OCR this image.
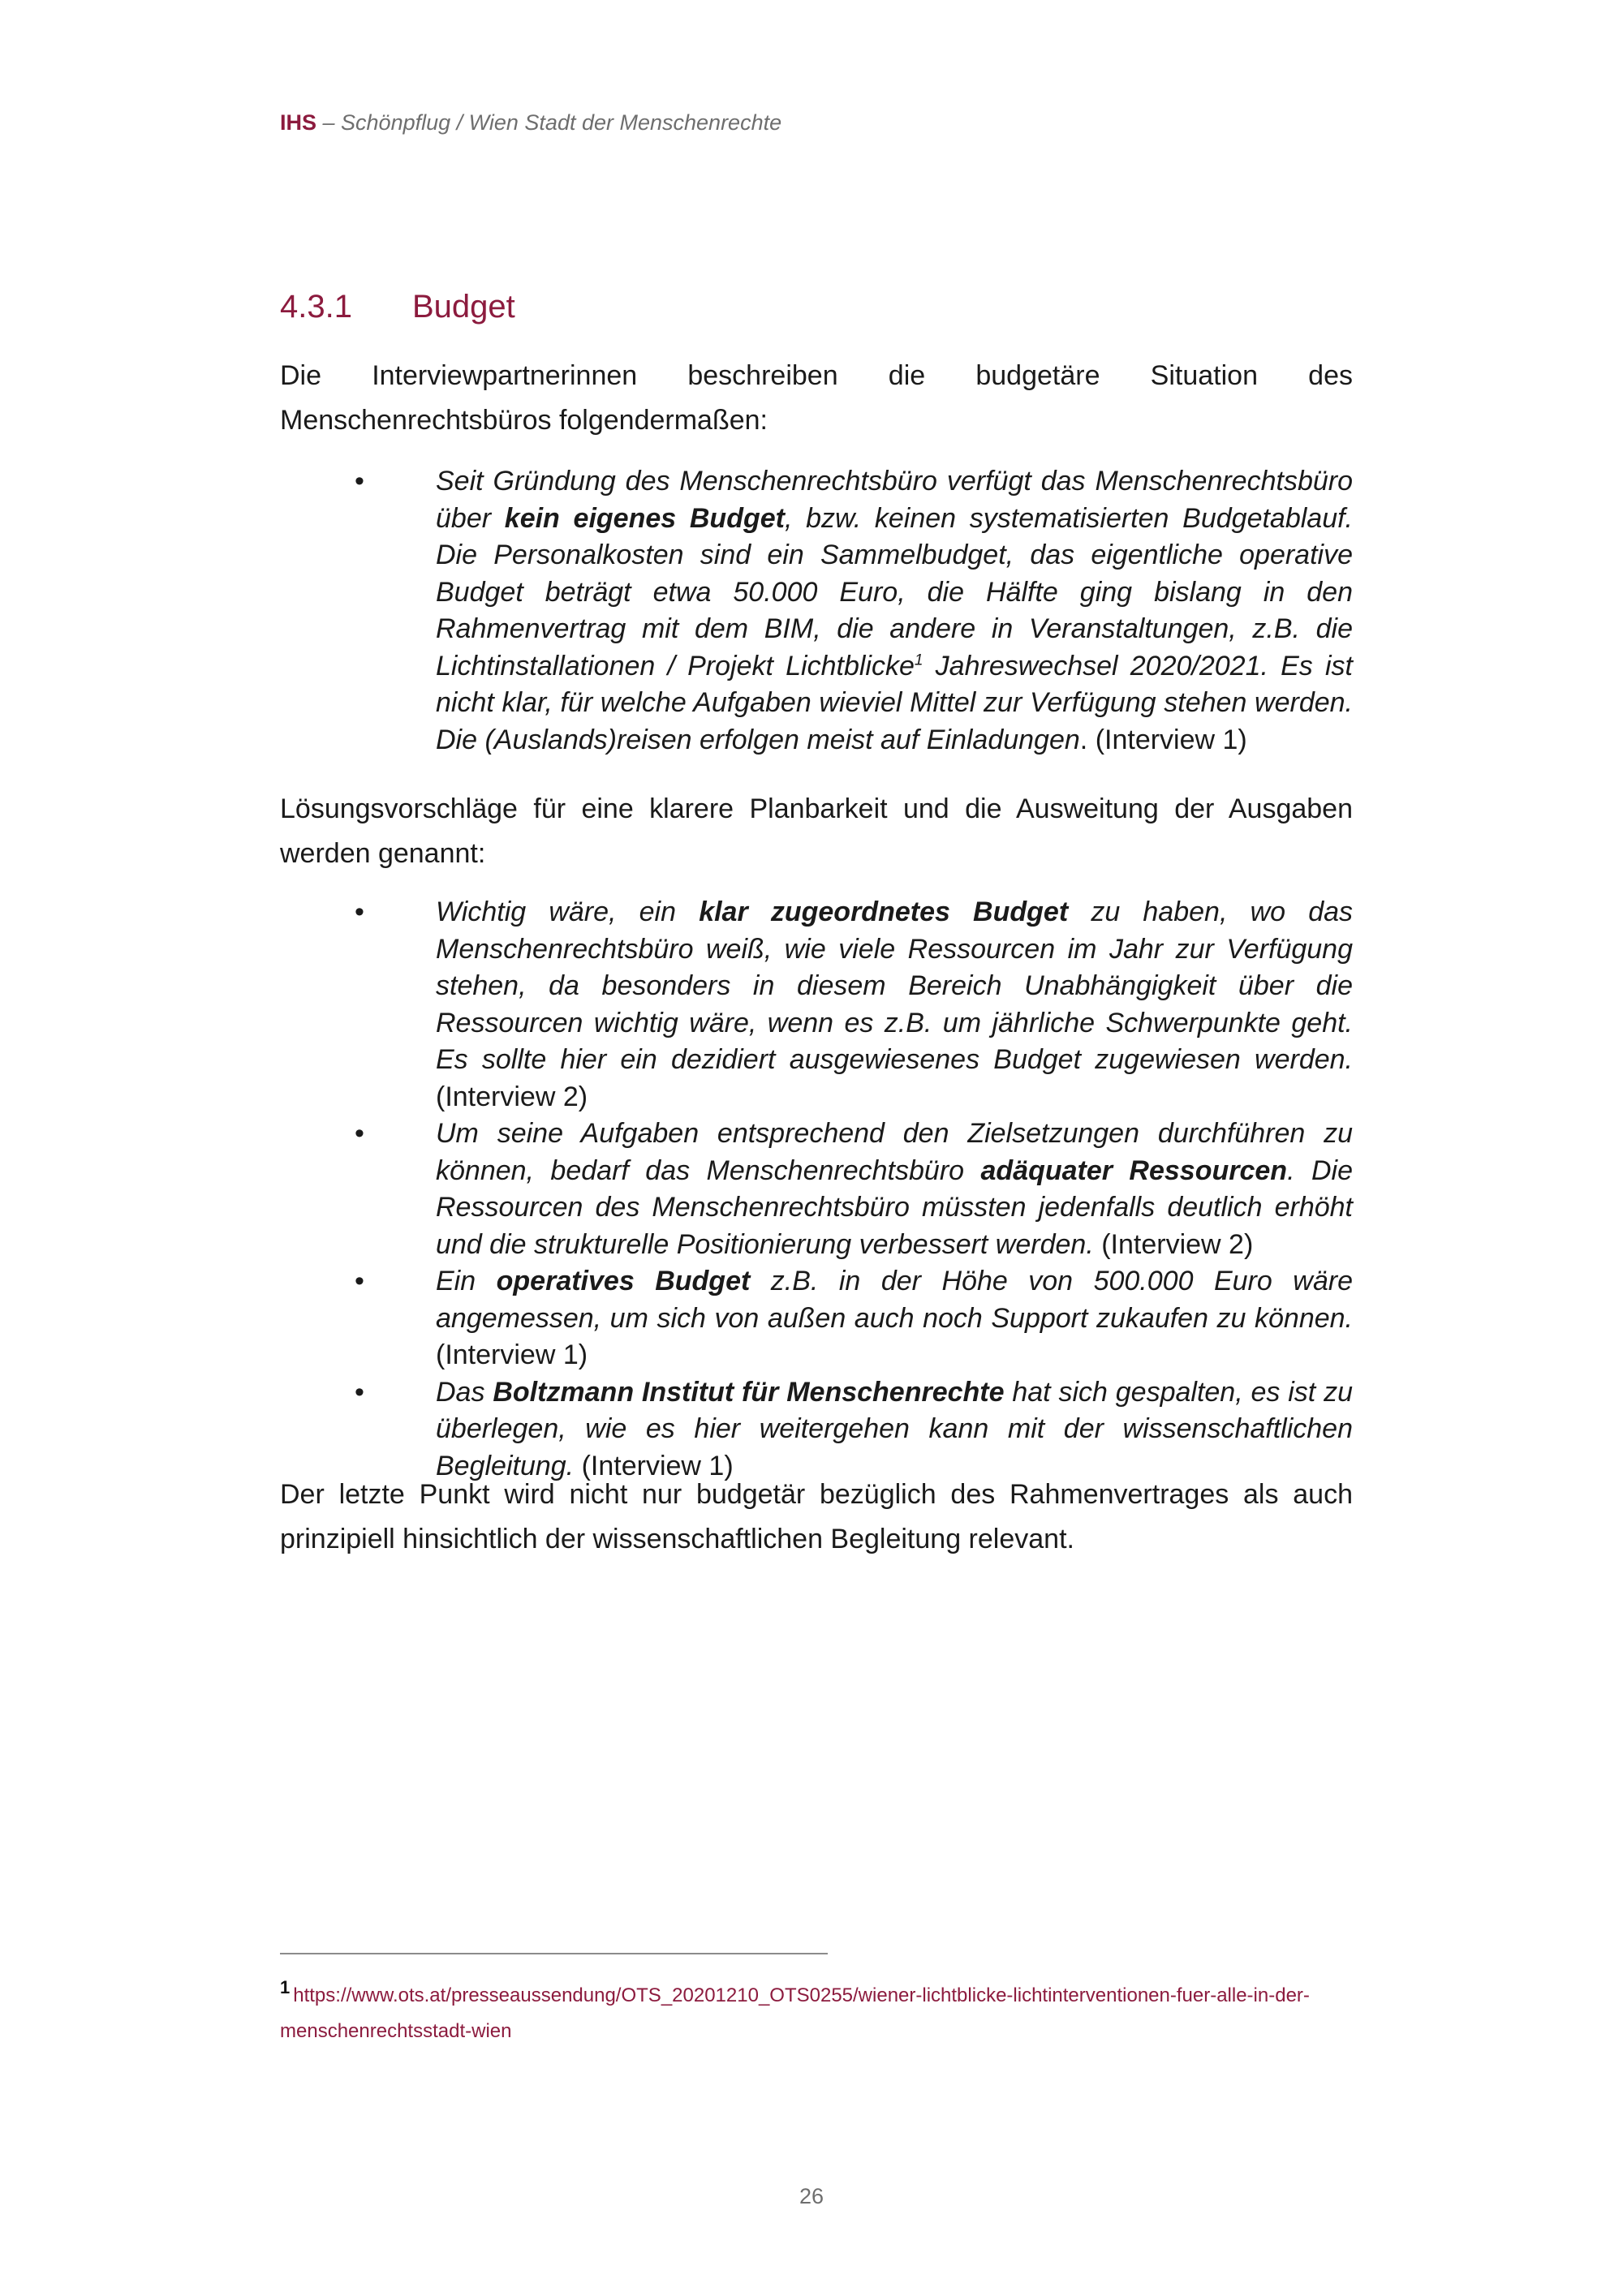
IHS – Schönpflug / Wien Stadt der Menschenrechte
4.3.1 Budget

Die Interviewpartnerinnen beschreiben die budgetäre Situation des Menschenrechtsbüros folgendermaßen:

•	Seit Gründung des Menschenrechtsbüro verfügt das Menschenrechtsbüro über kein eigenes Budget, bzw. keinen systematisierten Budgetablauf. Die Personalkosten sind ein Sammelbudget, das eigentliche operative Budget beträgt etwa 50.000 Euro, die Hälfte ging bislang in den Rahmenvertrag mit dem BIM, die andere in Veranstaltungen, z.B. die Lichtinstallationen / Projekt Lichtblicke$^1$ Jahreswechsel 2020/2021. Es ist nicht klar, für welche Aufgaben wieviel Mittel zur Verfügung stehen werden. Die (Auslands)reisen erfolgen meist auf Einladungen. (Interview 1)

Lösungsvorschläge für eine klarere Planbarkeit und die Ausweitung der Ausgaben werden genannt:

•	Wichtig wäre, ein klar zugeordnetes Budget zu haben, wo das Menschenrechtsbüro weiß, wie viele Ressourcen im Jahr zur Verfügung stehen, da besonders in diesem Bereich Unabhängigkeit über die Ressourcen wichtig wäre, wenn es z.B. um jährliche Schwerpunkte geht. Es sollte hier ein dezidiert ausgewiesenes Budget zugewiesen werden. (Interview 2)
•	Um seine Aufgaben entsprechend den Zielsetzungen durchführen zu können, bedarf das Menschenrechtsbüro adäquater Ressourcen. Die Ressourcen des Menschenrechtsbüro müssten jedenfalls deutlich erhöht und die strukturelle Positionierung verbessert werden. (Interview 2)
•	Ein operatives Budget z.B. in der Höhe von 500.000 Euro wäre angemessen, um sich von außen auch noch Support zukaufen zu können. (Interview 1)
•	Das Boltzmann Institut für Menschenrechte hat sich gespalten, es ist zu überlegen, wie es hier weitergehen kann mit der wissenschaftlichen Begleitung. (Interview 1)

Der letzte Punkt wird nicht nur budgetär bezüglich des Rahmenvertrages als auch prinzipiell hinsichtlich der wissenschaftlichen Begleitung relevant.

1 https://www.ots.at/presseaussendung/OTS_20201210_OTS0255/wiener-lichtblicke-lichtinterventionen-fuer-alle-in-der-menschenrechtsstadt-wien
26
